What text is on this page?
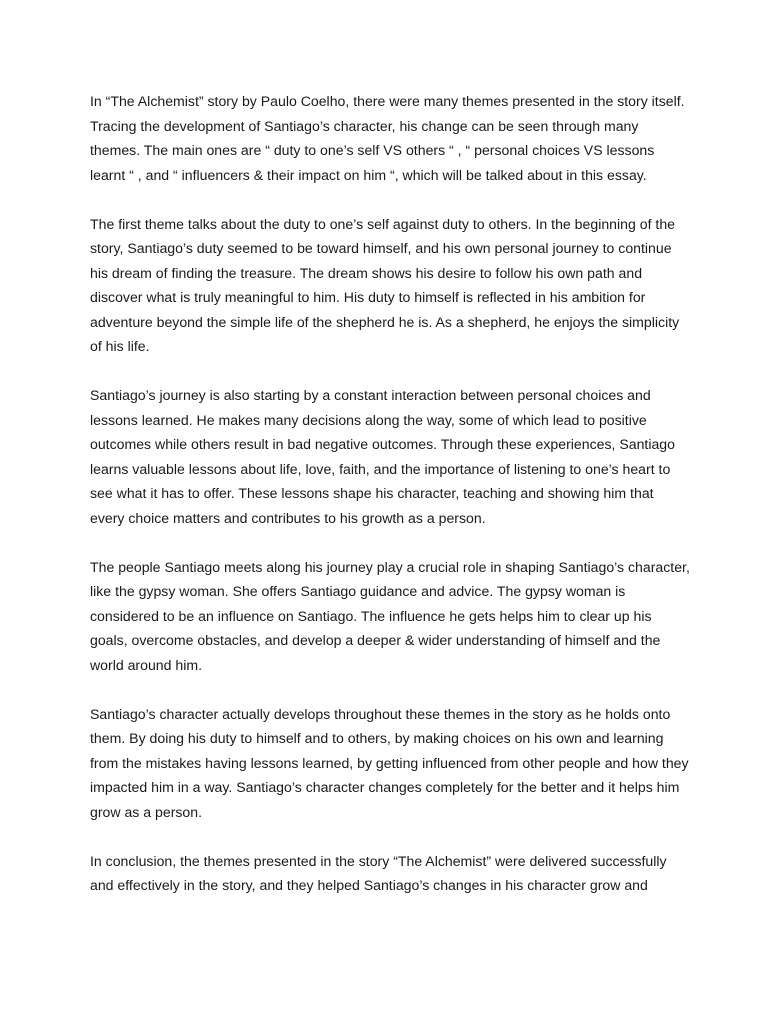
In “The Alchemist” story by Paulo Coelho, there were many themes presented in the story itself. Tracing the development of Santiago’s character, his change can be seen through many themes. The main ones are “ duty to one’s self VS others “ , “ personal choices VS lessons learnt “ , and “ influencers & their impact on him “, which will be talked about in this essay.

The first theme talks about the duty to one’s self against duty to others. In the beginning of the story, Santiago’s duty seemed to be toward himself, and his own personal journey to continue his dream of finding the treasure. The dream shows his desire to follow his own path and discover what is truly meaningful to him. His duty to himself is reflected in his ambition for adventure beyond the simple life of the shepherd he is. As a shepherd, he enjoys the simplicity of his life.

Santiago’s journey is also starting by a constant interaction between personal choices and lessons learned. He makes many decisions along the way, some of which lead to positive outcomes while others result in bad negative outcomes. Through these experiences, Santiago learns valuable lessons about life, love, faith, and the importance of listening to one’s heart to see what it has to offer. These lessons shape his character, teaching and showing him that every choice matters and contributes to his growth as a person.

The people Santiago meets along his journey play a crucial role in shaping Santiago’s character, like the gypsy woman. She offers Santiago guidance and advice. The gypsy woman is considered to be an influence on Santiago. The influence he gets helps him to clear up his goals, overcome obstacles, and develop a deeper & wider understanding of himself and the world around him.

Santiago’s character actually develops throughout these themes in the story as he holds onto them. By doing his duty to himself and to others, by making choices on his own and learning from the mistakes having lessons learned, by getting influenced from other people and how they impacted him in a way. Santiago’s character changes completely for the better and it helps him grow as a person.

In conclusion, the themes presented in the story “The Alchemist” were delivered successfully and effectively in the story, and they helped Santiago’s changes in his character grow and
